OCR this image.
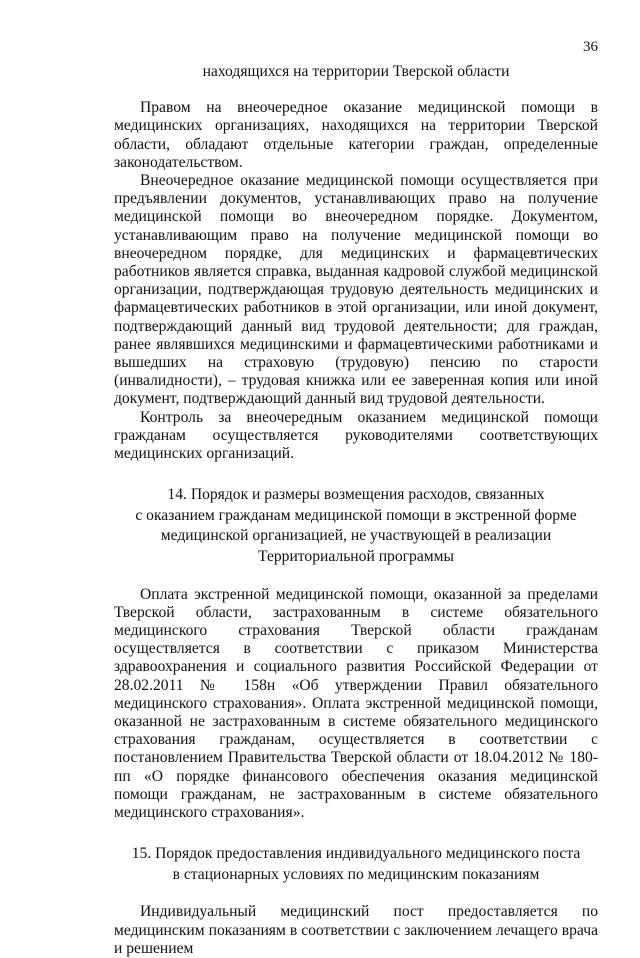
36
находящихся на территории Тверской области

Правом на внеочередное оказание медицинской помощи в медицинских организациях, находящихся на территории Тверской области, обладают отдельные категории граждан, определенные законодательством.

Внеочередное оказание медицинской помощи осуществляется при предъявлении документов, устанавливающих право на получение медицинской помощи во внеочередном порядке. Документом, устанавливающим право на получение медицинской помощи во внеочередном порядке, для медицинских и фармацевтических работников является справка, выданная кадровой службой медицинской организации, подтверждающая трудовую деятельность медицинских и фармацевтических работников в этой организации, или иной документ, подтверждающий данный вид трудовой деятельности; для граждан, ранее являвшихся медицинскими и фармацевтическими работниками и вышедших на страховую (трудовую) пенсию по старости (инвалидности), – трудовая книжка или ее заверенная копия или иной документ, подтверждающий данный вид трудовой деятельности.

Контроль за внеочередным оказанием медицинской помощи гражданам осуществляется руководителями соответствующих медицинских организаций.

14. Порядок и размеры возмещения расходов, связанных
с оказанием гражданам медицинской помощи в экстренной форме
медицинской организацией, не участвующей в реализации
Территориальной программы

Оплата экстренной медицинской помощи, оказанной за пределами Тверской области, застрахованным в системе обязательного медицинского страхования Тверской области гражданам осуществляется в соответствии с приказом Министерства здравоохранения и социального развития Российской Федерации от 28.02.2011 № 158н «Об утверждении Правил обязательного медицинского страхования». Оплата экстренной медицинской помощи, оказанной не застрахованным в системе обязательного медицинского страхования гражданам, осуществляется в соответствии с постановлением Правительства Тверской области от 18.04.2012 № 180-пп «О порядке финансового обеспечения оказания медицинской помощи гражданам, не застрахованным в системе обязательного медицинского страхования».

15. Порядок предоставления индивидуального медицинского поста
в стационарных условиях по медицинским показаниям

Индивидуальный медицинский пост предоставляется по медицинским показаниям в соответствии с заключением лечащего врача и решением
